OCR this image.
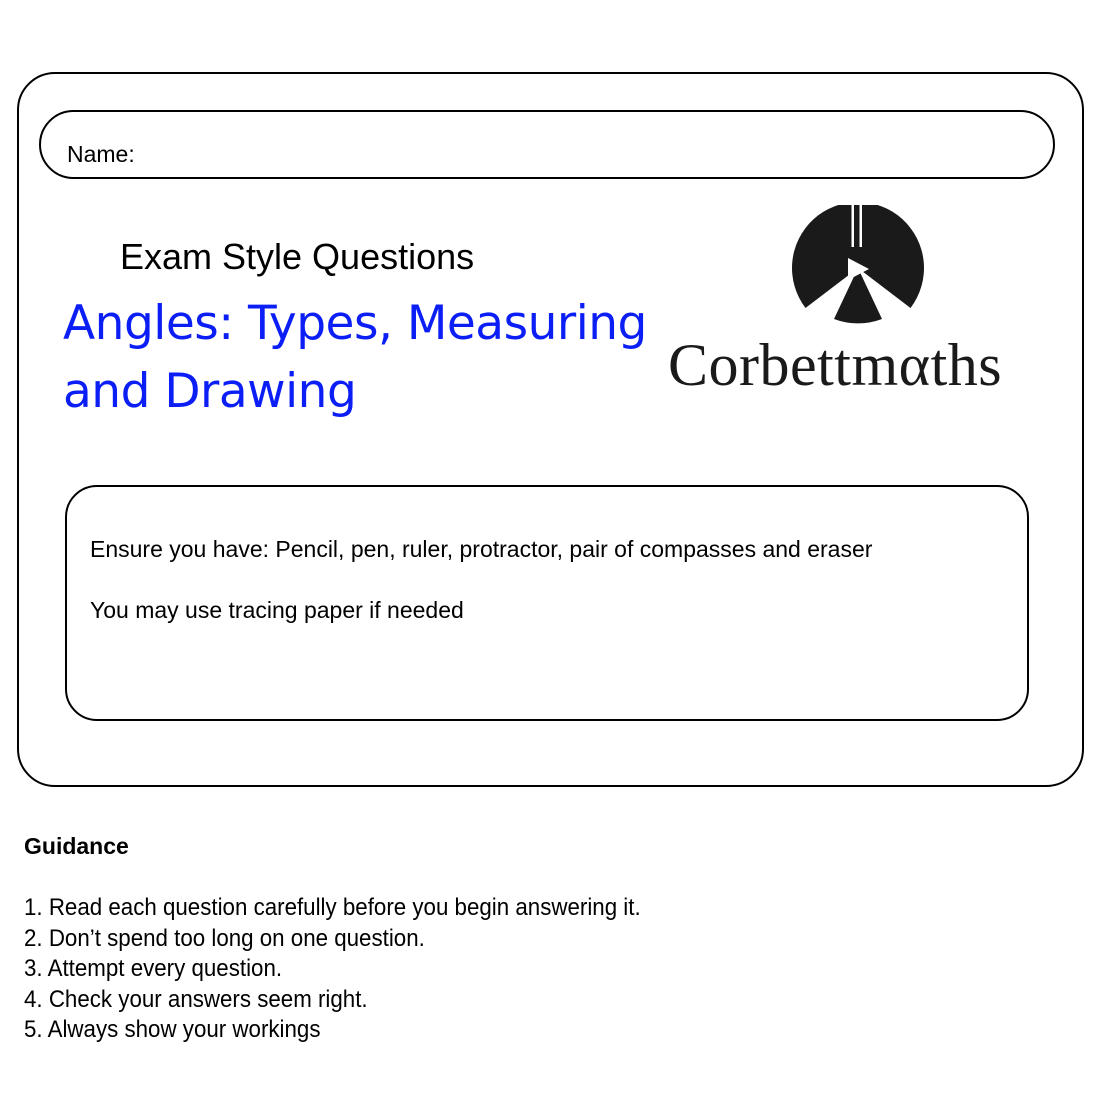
Name:
Exam Style Questions
Angles: Types, Measuring
and Drawing	Corbettmαths
Ensure you have: Pencil, pen, ruler, protractor, pair of compasses and eraser
You may use tracing paper if needed
Guidance
1. Read each question carefully before you begin answering it.
2. Don’t spend too long on one question.
3. Attempt every question.
4. Check your answers seem right.
5. Always show your workings
